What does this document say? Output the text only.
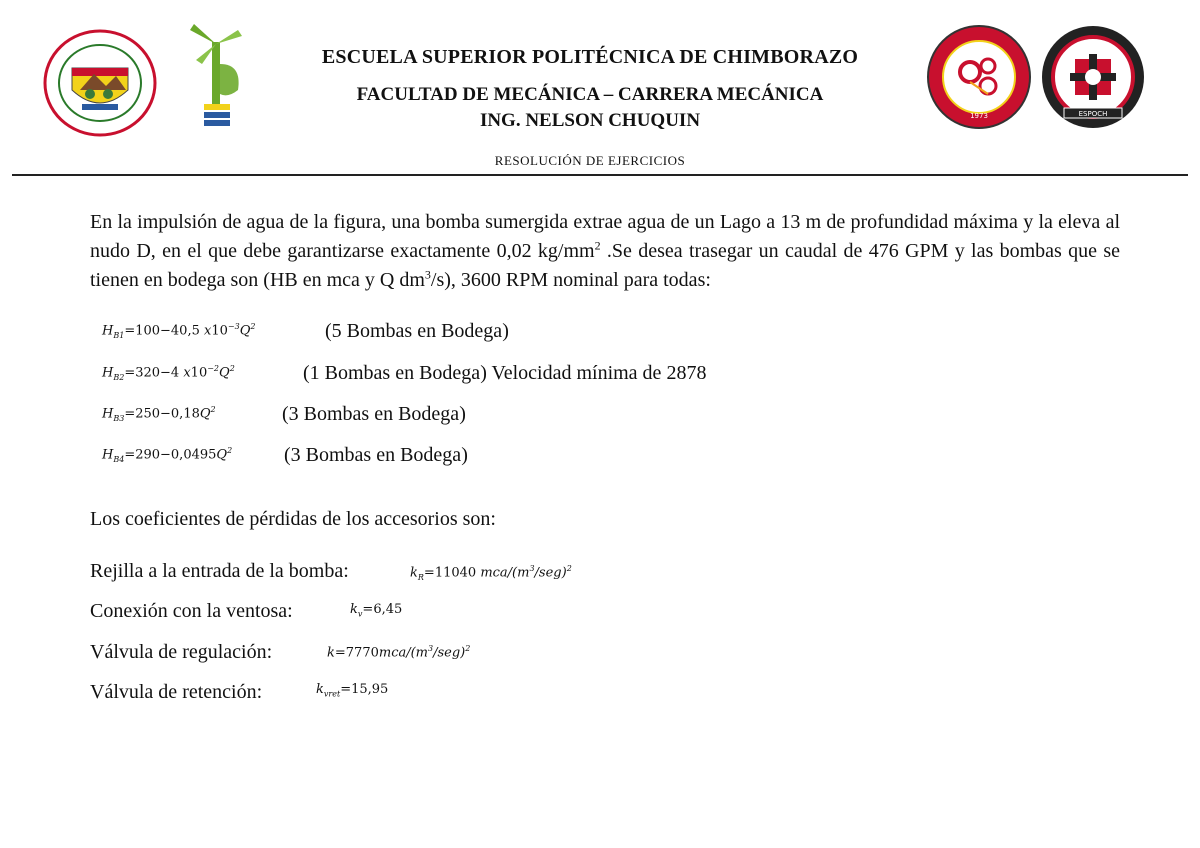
1973	ESPOCH
ESCUELA SUPERIOR POLITÉCNICA DE CHIMBORAZO
FACULTAD DE MECÁNICA – CARRERA MECÁNICA
ING. NELSON CHUQUIN
RESOLUCIÓN DE EJERCICIOS
En la impulsión de agua de la figura, una bomba sumergida extrae agua de un Lago a 13 m de profundidad máxima y la eleva al nudo D, en el que debe garantizarse exactamente 0,02 $kg/mm^2$ .Se desea trasegar un caudal de 476 GPM y las bombas que se tienen en bodega son (HB en mca y Q $dm^3/s$), 3600 RPM nominal para todas:
$H_{B1}=100-40,5$ $x10^{-3}Q^2$	(5 Bombas en Bodega)
$H_{B2}=320-4$ $x10^{-2}Q^2$	(1 Bombas en Bodega) Velocidad mínima de 2878
$H_{B3}=250-0,18Q^2$	(3 Bombas en Bodega)
$H_{B4}=290-0,0495Q^2$	(3 Bombas en Bodega)
Los coeficientes de pérdidas de los accesorios son:
Rejilla a la entrada de la bomba:	$k_R=11040$ mca/$(m^3/seg)^2$
Conexión con la ventosa:	$k_v=6,45$
Válvula de regulación:	$k=7770mca/(m^3/seg)^2$
Válvula de retención:	$k_{vret}=15,95$
